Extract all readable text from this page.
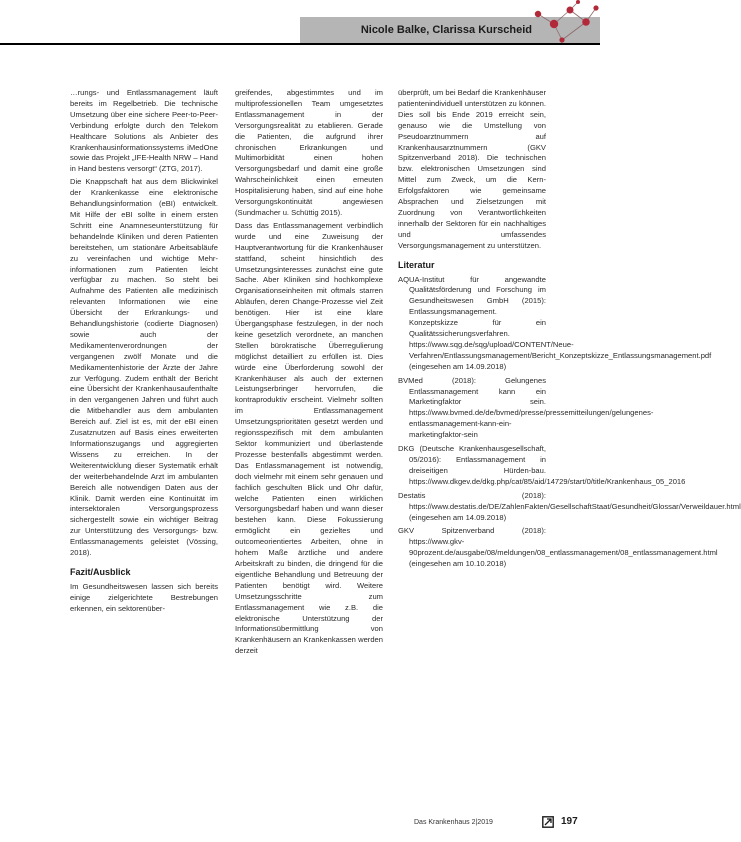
Nicole Balke, Clarissa Kurscheid

…rungs- und Entlassmanagement läuft bereits im Regelbetrieb. Die technische Umsetzung über eine sichere Peer-to-Peer-Verbindung erfolgte durch den Telekom Healthcare Solutions als Anbieter des Krankenhausinformationssystems iMedOne sowie das Projekt „IFE-Health NRW – Hand in Hand bestens versorgt“ (ZTG, 2017).

Die Knappschaft hat aus dem Blickwinkel der Krankenkasse eine elektronische Behandlungsinformation (eBI) entwickelt. Mit Hilfe der eBI sollte in einem ersten Schritt eine Anamneseunterstützung für behandelnde Kliniken und deren Patienten bereitstehen, um stationäre Arbeitsabläufe zu vereinfachen und wichtige Mehr-informationen zum Patienten leicht verfügbar zu machen. So steht bei Aufnahme des Patienten alle medizinisch relevanten Informationen wie eine Übersicht der Erkrankungs- und Behandlungshistorie (codierte Diagnosen) sowie auch der Medikamentenverordnungen der vergangenen zwölf Monate und die Medikamentenhistorie der Ärzte der Jahre zur Verfügung. Zudem enthält der Bericht eine Übersicht der Krankenhausaufenthalte in den vergangenen Jahren und führt auch die Mitbehandler aus dem ambulanten Bereich auf. Ziel ist es, mit der eBI einen Zusatznutzen auf Basis eines erweiterten Informationszugangs und aggregierten Wissens zu erreichen. In der Weiterentwicklung dieser Systematik erhält der weiterbehandelnde Arzt im ambulanten Bereich alle notwendigen Daten aus der Klinik. Damit werden eine Kontinuität im intersektoralen Versorgungsprozess sichergestellt sowie ein wichtiger Beitrag zur Unterstützung des Versorgungs- bzw. Entlassmanagements geleistet (Vössing, 2018).

Fazit/Ausblick

Im Gesundheitswesen lassen sich bereits einige zielgerichtete Bestrebungen erkennen, ein sektorenüber-

greifendes, abgestimmtes und im multiprofessionellen Team umgesetztes Entlassmanagement in der Versorgungsrealität zu etablieren. Gerade die Patienten, die aufgrund ihrer chronischen Erkrankungen und Multimorbidität einen hohen Versorgungsbedarf und damit eine große Wahrscheinlichkeit einen erneuten Hospitalisierung haben, sind auf eine hohe Versorgungskontinuität angewiesen (Sundmacher u. Schüttig 2015).

Dass das Entlassmanagement verbindlich wurde und eine Zuweisung der Hauptverantwortung für die Krankenhäuser stattfand, scheint hinsichtlich des Umsetzungsinteresses zunächst eine gute Sache. Aber Kliniken sind hochkomplexe Organisationseinheiten mit oftmals starren Abläufen, deren Change-Prozesse viel Zeit benötigen. Hier ist eine klare Übergangsphase festzulegen, in der noch keine gesetzlich verordnete, an manchen Stellen bürokratische Überregulierung möglichst detailliert zu erfüllen ist. Dies würde eine Überforderung sowohl der Krankenhäuser als auch der externen Leistungserbringer hervorrufen, die kontraproduktiv erscheint. Vielmehr sollten im Entlassmanagement Umsetzungsprioritäten gesetzt werden und regionsspezifisch mit dem ambulanten Sektor kommuniziert und überlastende Prozesse bestenfalls abgestimmt werden. Das Entlassmanagement ist notwendig, doch vielmehr mit einem sehr genauen und fachlich geschulten Blick und Ohr dafür, welche Patienten einen wirklichen Versorgungsbedarf haben und wann dieser bestehen kann. Diese Fokussierung ermöglicht ein gezieltes und outcomeorientiertes Arbeiten, ohne in hohem Maße ärztliche und andere Arbeitskraft zu binden, die dringend für die eigentliche Behandlung und Betreuung der Patienten benötigt wird. Weitere Umsetzungsschritte zum Entlassmanagement wie z.B. die elektronische Unterstützung der Informationsübermittlung von Krankenhäusern an Krankenkassen werden derzeit

überprüft, um bei Bedarf die Krankenhäuser patientenindividuell unterstützen zu können. Dies soll bis Ende 2019 erreicht sein, genauso wie die Umstellung von Pseudoarztnummern auf Krankenhausarztnummern (GKV Spitzenverband 2018). Die technischen bzw. elektronischen Umsetzungen sind Mittel zum Zweck, um die Kern-Erfolgsfaktoren wie gemeinsame Absprachen und Zielsetzungen mit Zuordnung von Verantwortlichkeiten innerhalb der Sektoren für ein nachhaltiges und umfassendes Versorgungsmanagement zu unterstützen.

Literatur

AQUA-Institut für angewandte Qualitätsförderung und Forschung im Gesundheitswesen GmbH (2015): Entlassungsmanagement. Konzeptskizze für ein Qualitätssicherungsverfahren. https://www.sqg.de/sqg/upload/CONTENT/Neue-Verfahren/Entlassungsmanagement/Bericht_Konzeptskizze_Entlassungsmanagement.pdf (eingesehen am 14.09.2018)

BVMed (2018): Gelungenes Entlassmanagement kann ein Marketingfaktor sein. https://www.bvmed.de/de/bvmed/presse/pressemitteilungen/gelungenes-entlassmanagement-kann-ein-marketingfaktor-sein

DKG (Deutsche Krankenhausgesellschaft, 05/2016): Entlassmanagement in dreiseitigen Hürden-bau. https://www.dkgev.de/dkg.php/cat/85/aid/14729/start/0/title/Krankenhaus_05_2016

Destatis (2018): https://www.destatis.de/DE/ZahlenFakten/GesellschaftStaat/Gesundheit/Glossar/Verweildauer.html (eingesehen am 14.09.2018)

GKV Spitzenverband (2018): https://www.gkv-90prozent.de/ausgabe/08/meldungen/08_entlassmanagement/08_entlassmanagement.html (eingesehen am 10.10.2018)

Das Krankenhaus 2|2019	197
